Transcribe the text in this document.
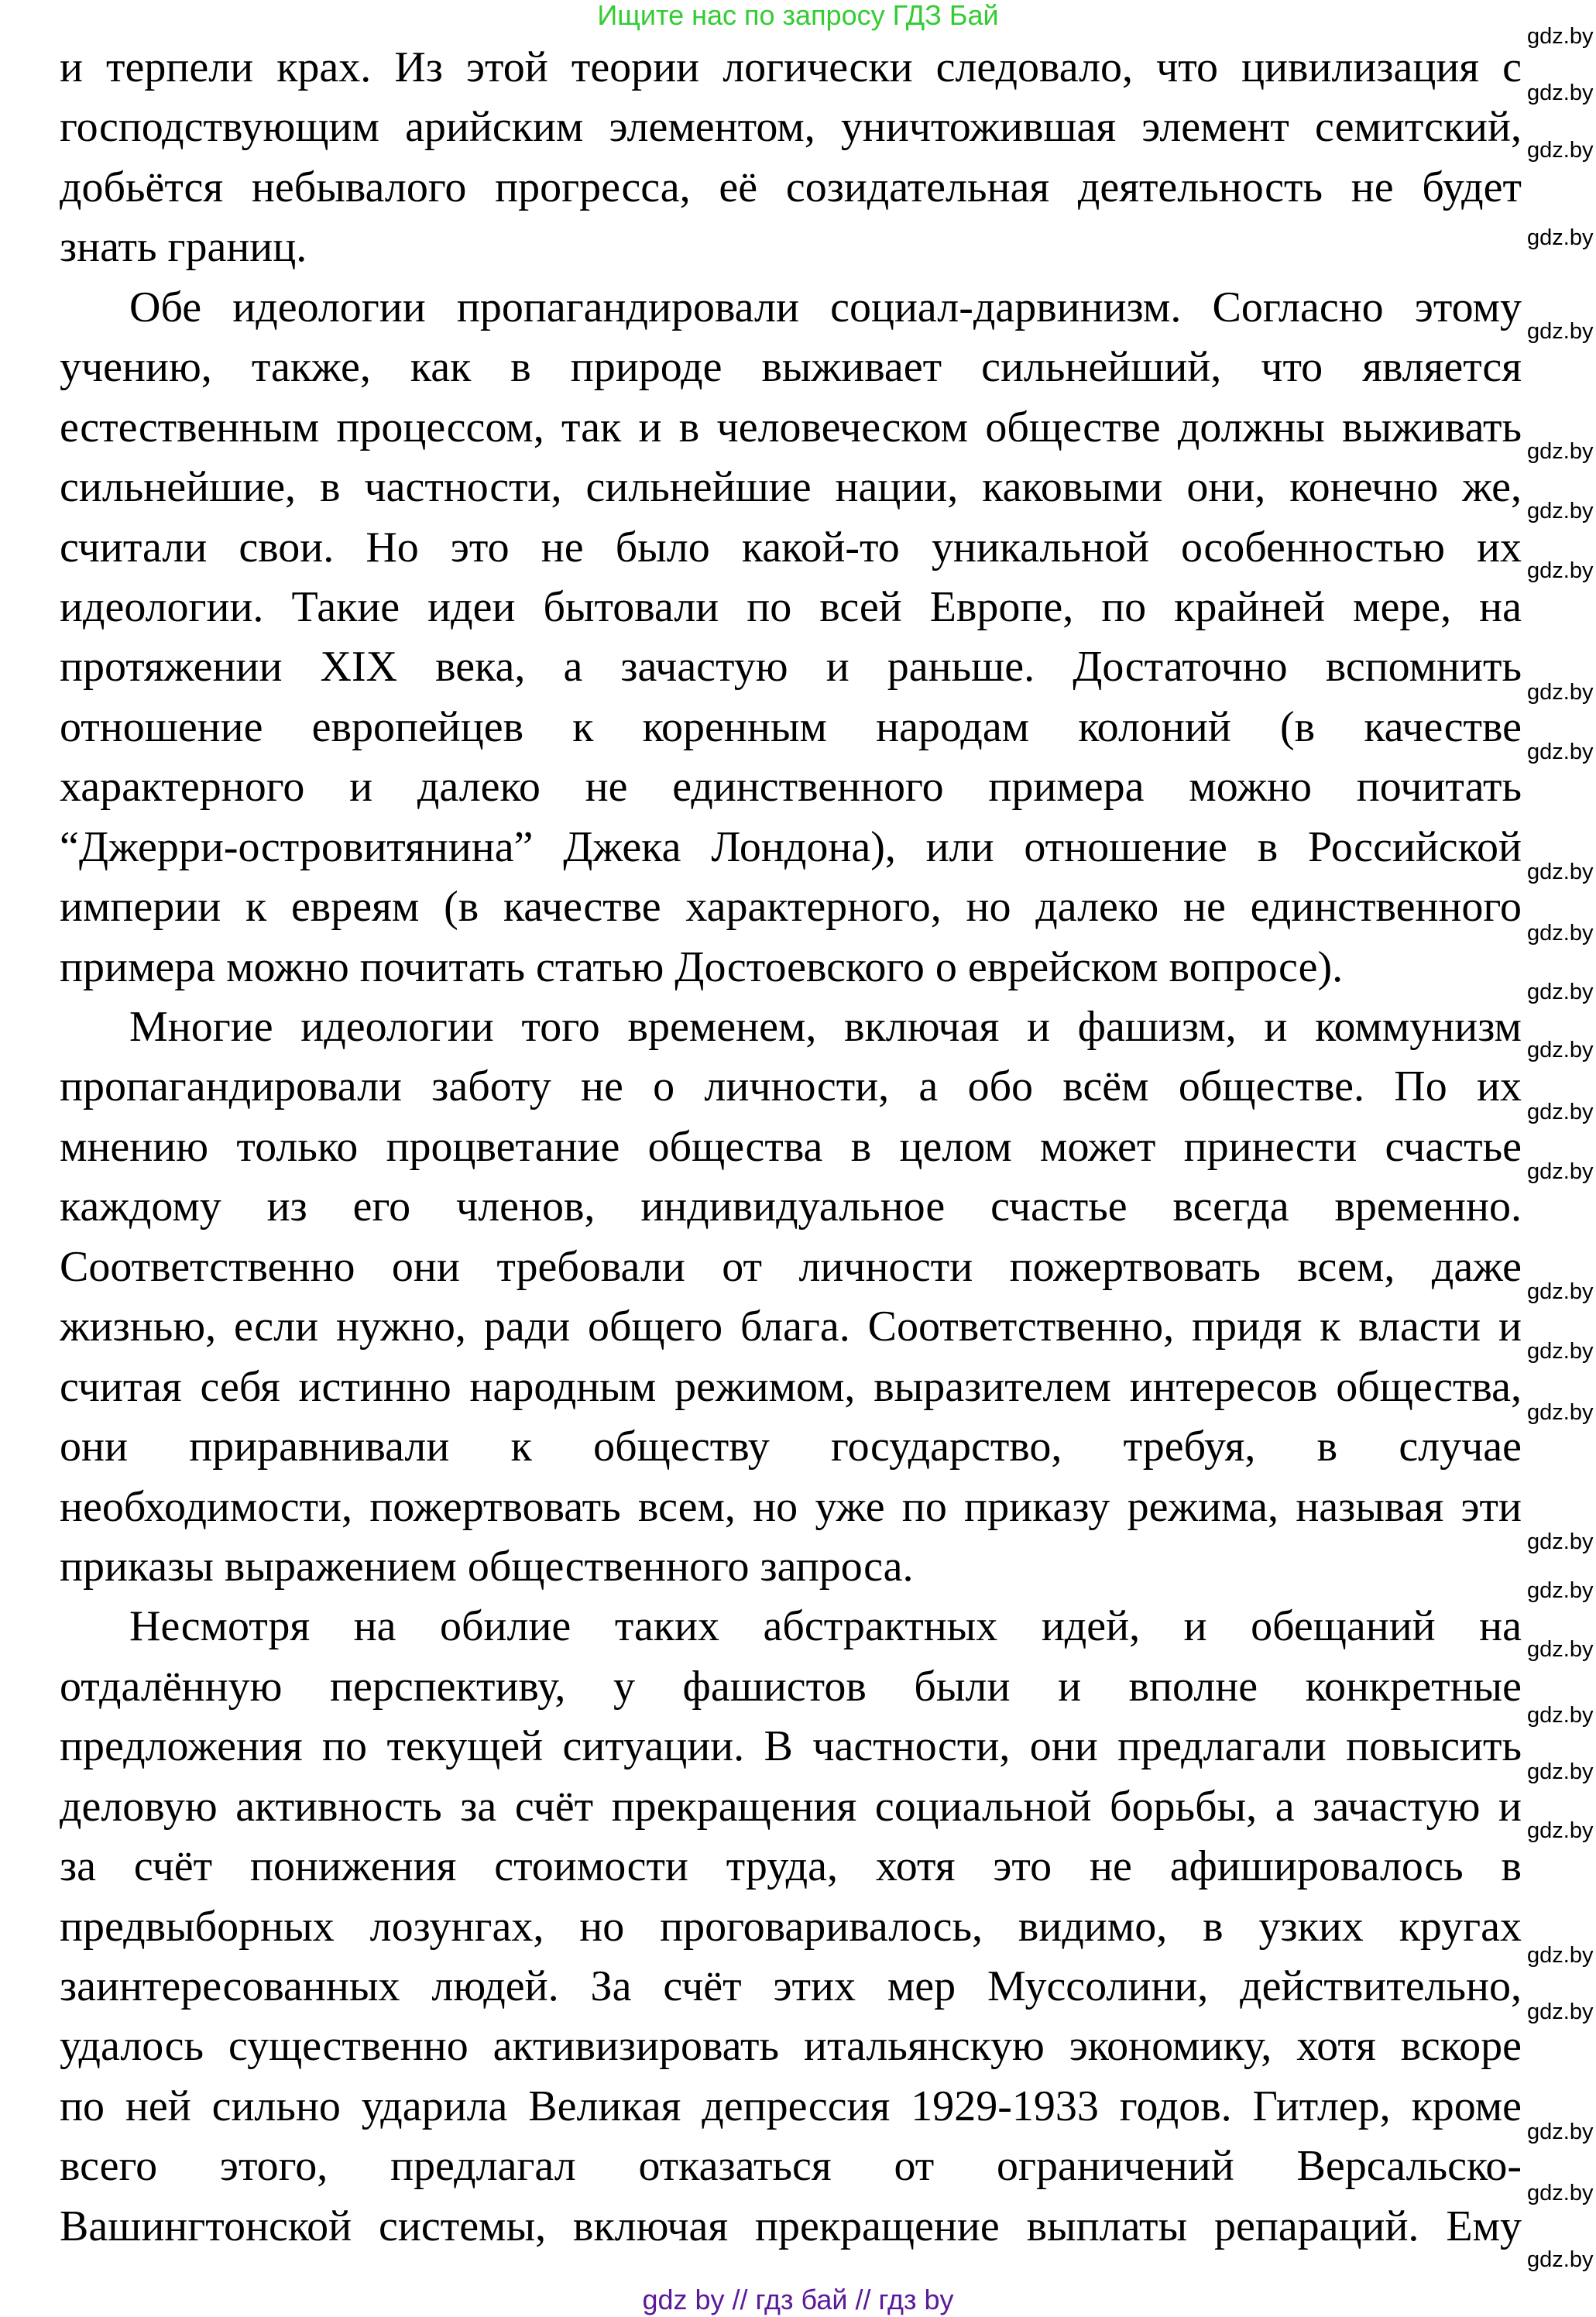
Ищите нас по запросу ГДЗ Бай
и терпели крах. Из этой теории логически следовало, что цивилизация с
господствующим арийским элементом, уничтожившая элемент семитский,
добьётся небывалого прогресса, её созидательная деятельность не будет
знать границ.
Обе идеологии пропагандировали социал-дарвинизм. Согласно этому
учению, также, как в природе выживает сильнейший, что является
естественным процессом, так и в человеческом обществе должны выживать
сильнейшие, в частности, сильнейшие нации, каковыми они, конечно же,
считали свои. Но это не было какой-то уникальной особенностью их
идеологии. Такие идеи бытовали по всей Европе, по крайней мере, на
протяжении XIX века, а зачастую и раньше. Достаточно вспомнить
отношение европейцев к коренным народам колоний (в качестве
характерного и далеко не единственного примера можно почитать
“Джерри-островитянина” Джека Лондона), или отношение в Российской
империи к евреям (в качестве характерного, но далеко не единственного
примера можно почитать статью Достоевского о еврейском вопросе).
Многие идеологии того временем, включая и фашизм, и коммунизм
пропагандировали заботу не о личности, а обо всём обществе. По их
мнению только процветание общества в целом может принести счастье
каждому из его членов, индивидуальное счастье всегда временно.
Соответственно они требовали от личности пожертвовать всем, даже
жизнью, если нужно, ради общего блага. Соответственно, придя к власти и
считая себя истинно народным режимом, выразителем интересов общества,
они приравнивали к обществу государство, требуя, в случае
необходимости, пожертвовать всем, но уже по приказу режима, называя эти
приказы выражением общественного запроса.
Несмотря на обилие таких абстрактных идей, и обещаний на
отдалённую перспективу, у фашистов были и вполне конкретные
предложения по текущей ситуации. В частности, они предлагали повысить
деловую активность за счёт прекращения социальной борьбы, а зачастую и
за счёт понижения стоимости труда, хотя это не афишировалось в
предвыборных лозунгах, но проговаривалось, видимо, в узких кругах
заинтересованных людей. За счёт этих мер Муссолини, действительно,
удалось существенно активизировать итальянскую экономику, хотя вскоре
по ней сильно ударила Великая депрессия 1929-1933 годов. Гитлер, кроме
всего этого, предлагал отказаться от ограничений Версальско-
Вашингтонской системы, включая прекращение выплаты репараций. Ему
gdz.by
gdz.by
gdz.by
gdz.by
gdz.by
gdz.by
gdz.by
gdz.by
gdz.by
gdz.by
gdz.by
gdz.by
gdz.by
gdz.by
gdz.by
gdz.by
gdz.by
gdz.by
gdz.by
gdz.by
gdz.by
gdz.by
gdz.by
gdz.by
gdz.by
gdz.by
gdz.by
gdz.by
gdz.by
gdz.by
gdz by // гдз бай // гдз by
